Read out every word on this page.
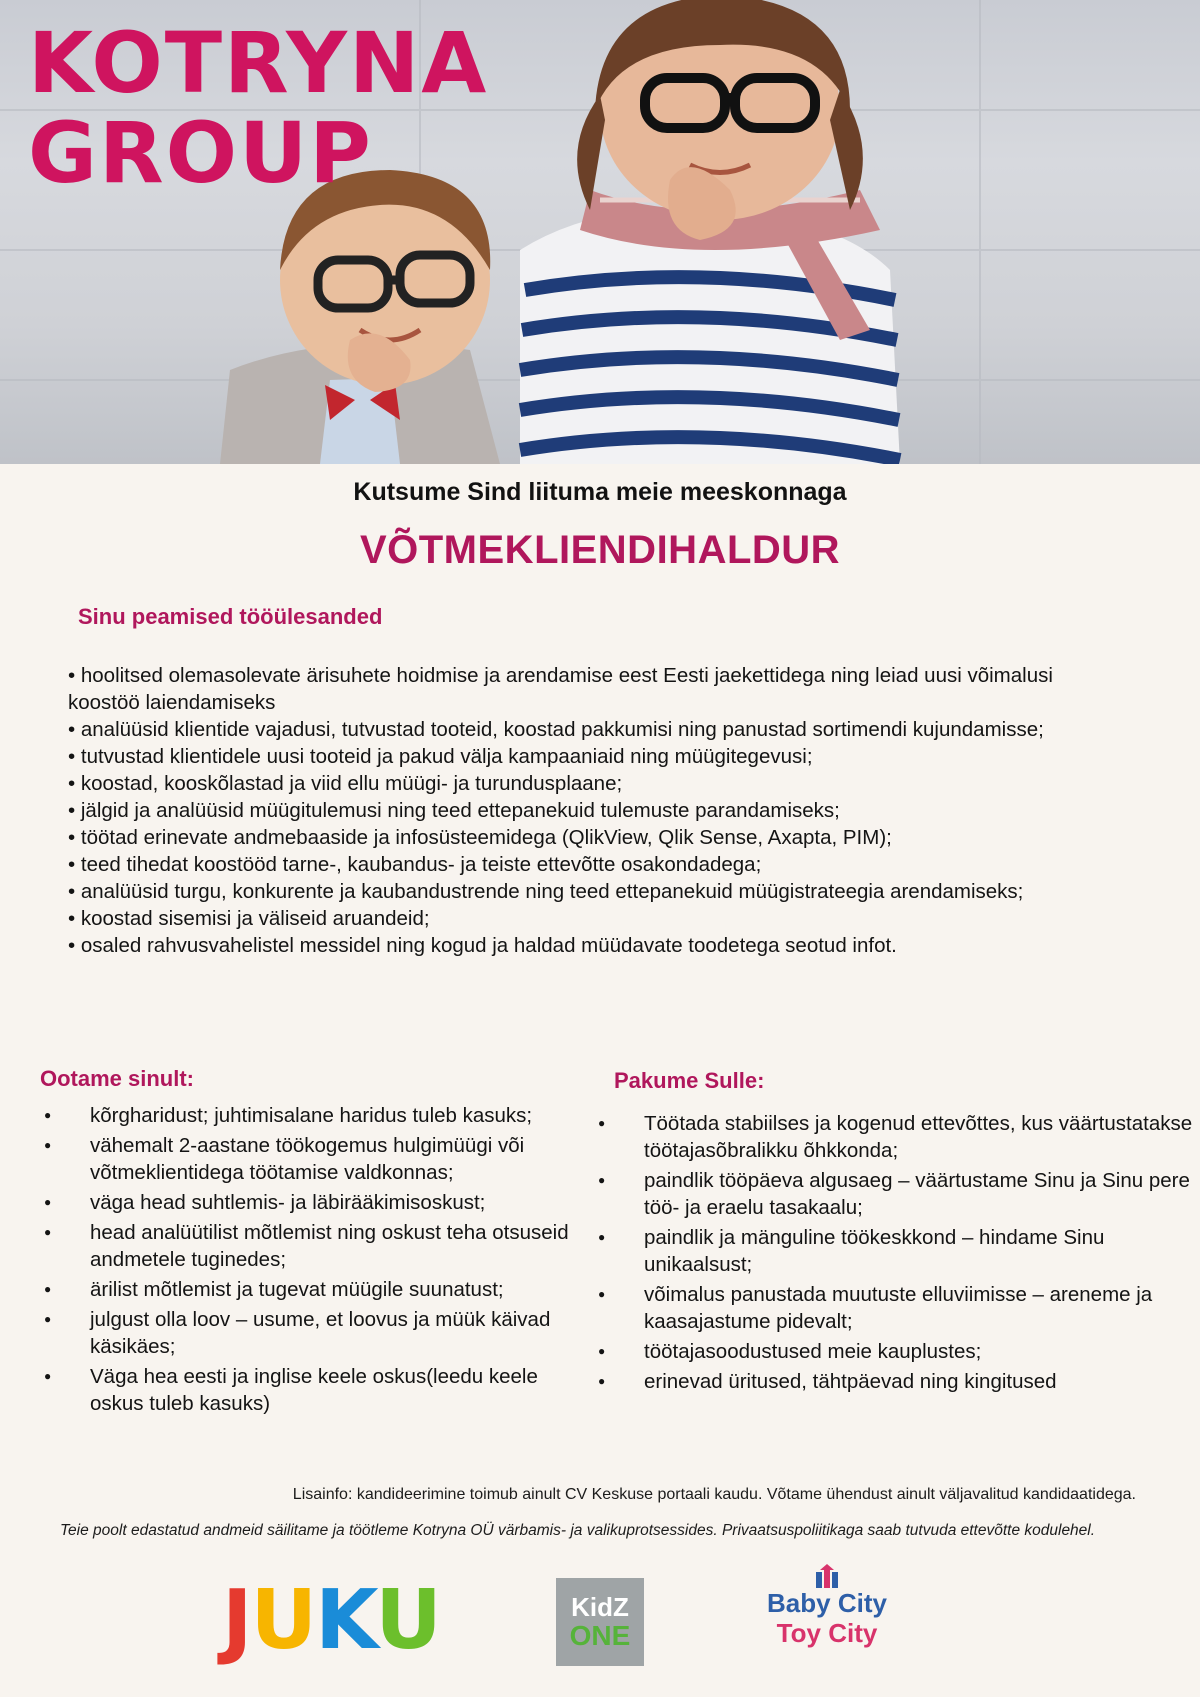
KOTRYNA
GROUP
Kutsume Sind liituma meie meeskonnaga
VÕTMEKLIENDIHALDUR
Sinu peamised tööülesanded
• hoolitsed olemasolevate ärisuhete hoidmise ja arendamise eest Eesti jaekettidega ning leiad uusi võimalusi koostöö laiendamiseks
• analüüsid klientide vajadusi, tutvustad tooteid, koostad pakkumisi ning panustad sortimendi kujundamisse;
• tutvustad klientidele uusi tooteid ja pakud välja kampaaniaid ning müügitegevusi;
• koostad, kooskõlastad ja viid ellu müügi- ja turundusplaane;
• jälgid ja analüüsid müügitulemusi ning teed ettepanekuid tulemuste parandamiseks;
• töötad erinevate andmebaaside ja infosüsteemidega (QlikView, Qlik Sense, Axapta, PIM);
• teed tihedat koostööd tarne-, kaubandus- ja teiste ettevõtte osakondadega;
• analüüsid turgu, konkurente ja kaubandustrende ning teed ettepanekuid müügistrateegia arendamiseks;
• koostad sisemisi ja väliseid aruandeid;
• osaled rahvusvahelistel messidel ning kogud ja haldad müüdavate toodetega seotud infot.
Ootame sinult:
● kõrgharidust; juhtimisalane haridus tuleb kasuks;
● vähemalt 2-aastane töökogemus hulgimüügi või võtmeklientidega töötamise valdkonnas;
● väga head suhtlemis- ja läbirääkimisoskust;
● head analüütilist mõtlemist ning oskust teha otsuseid andmetele tuginedes;
● ärilist mõtlemist ja tugevat müügile suunatust;
● julgust olla loov – usume, et loovus ja müük käivad käsikäes;
● Väga hea eesti ja inglise keele oskus(leedu keele oskus tuleb kasuks)
Pakume Sulle:
● Töötada stabiilses ja kogenud ettevõttes, kus väärtustatakse töötajasõbralikku õhkkonda;
● paindlik tööpäeva algusaeg – väärtustame Sinu ja Sinu pere töö- ja eraelu tasakaalu;
● paindlik ja mänguline töökeskkond – hindame Sinu unikaalsust;
● võimalus panustada muutuste elluviimisse – areneme ja kaasajastume pidevalt;
● töötajasoodustused meie kauplustes;
● erinevad üritused, tähtpäevad ning kingitused
Lisainfo: kandideerimine toimub ainult CV Keskuse portaali kaudu. Võtame ühendust ainult väljavalitud kandidaatidega.
Teie poolt edastatud andmeid säilitame ja töötleme Kotryna OÜ värbamis- ja valikuprotsessides. Privaatsuspoliitikaga saab tutvuda ettevõtte kodulehel.
JUKU	KidZ
ONE
Baby City
Toy City
